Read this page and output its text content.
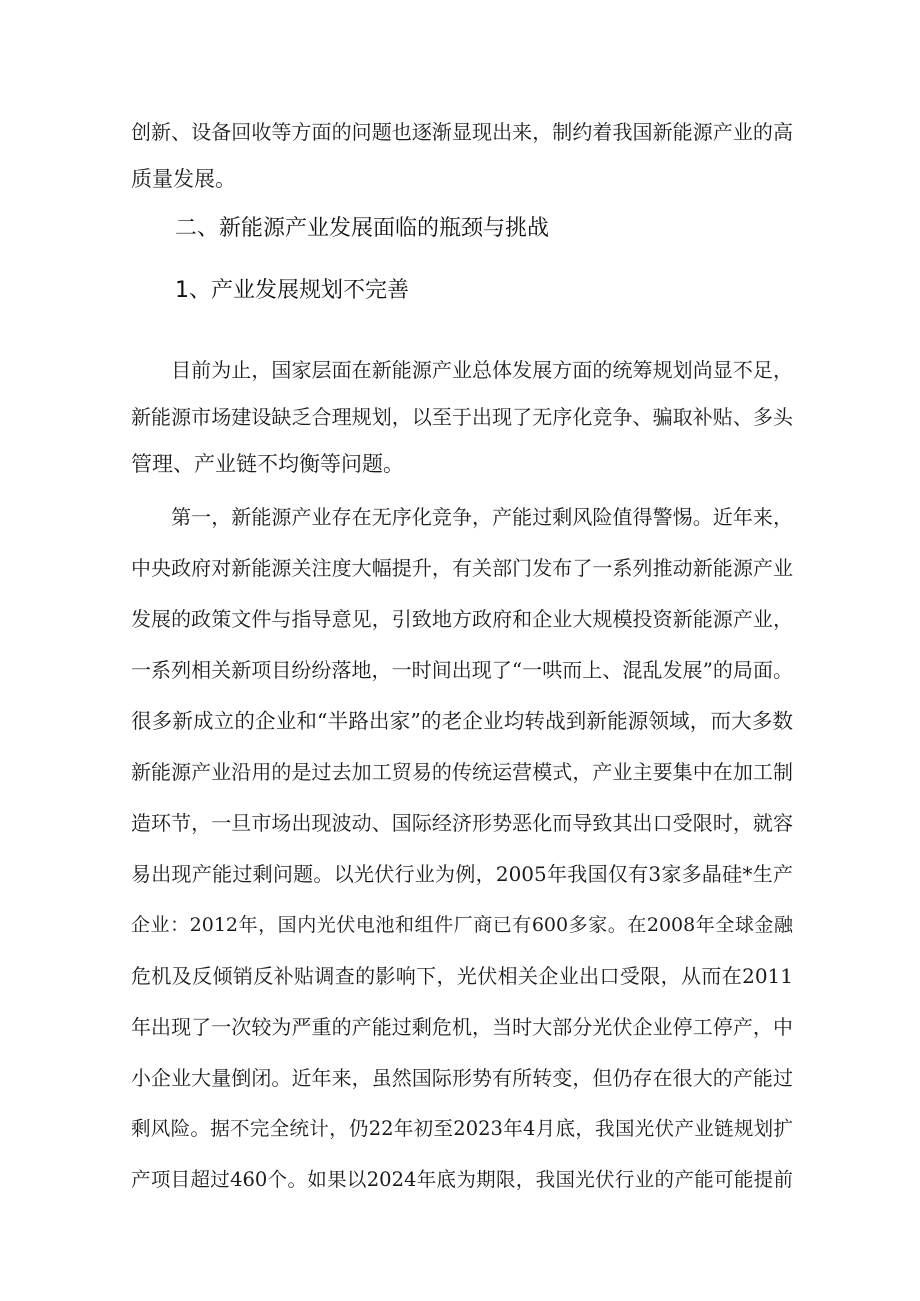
创新、设备回收等方面的问题也逐渐显现出来，制约着我国新能源产业的高
质量发展。
二、新能源产业发展面临的瓶颈与挑战
1、产业发展规划不完善
　　目前为止，国家层面在新能源产业总体发展方面的统筹规划尚显不足，
新能源市场建设缺乏合理规划，以至于出现了无序化竞争、骗取补贴、多头
管理、产业链不均衡等问题。
　　第一，新能源产业存在无序化竞争，产能过剩风险值得警惕。近年来，
中央政府对新能源关注度大幅提升，有关部门发布了一系列推动新能源产业
发展的政策文件与指导意见，引致地方政府和企业大规模投资新能源产业，
一系列相关新项目纷纷落地，一时间出现了“一哄而上、混乱发展”的局面。
很多新成立的企业和“半路出家”的老企业均转战到新能源领域，而大多数
新能源产业沿用的是过去加工贸易的传统运营模式，产业主要集中在加工制
造环节，一旦市场出现波动、国际经济形势恶化而导致其出口受限时，就容
易出现产能过剩问题。以光伏行业为例，2005年我国仅有3家多晶硅*生产
企业：2012年，国内光伏电池和组件厂商已有600多家。在2008年全球金融
危机及反倾销反补贴调查的影响下，光伏相关企业出口受限，从而在2011
年出现了一次较为严重的产能过剩危机，当时大部分光伏企业停工停产，中
小企业大量倒闭。近年来，虽然国际形势有所转变，但仍存在很大的产能过
剩风险。据不完全统计，仍22年初至2023年4月底，我国光伏产业链规划扩
产项目超过460个。如果以2024年底为期限，我国光伏行业的产能可能提前
